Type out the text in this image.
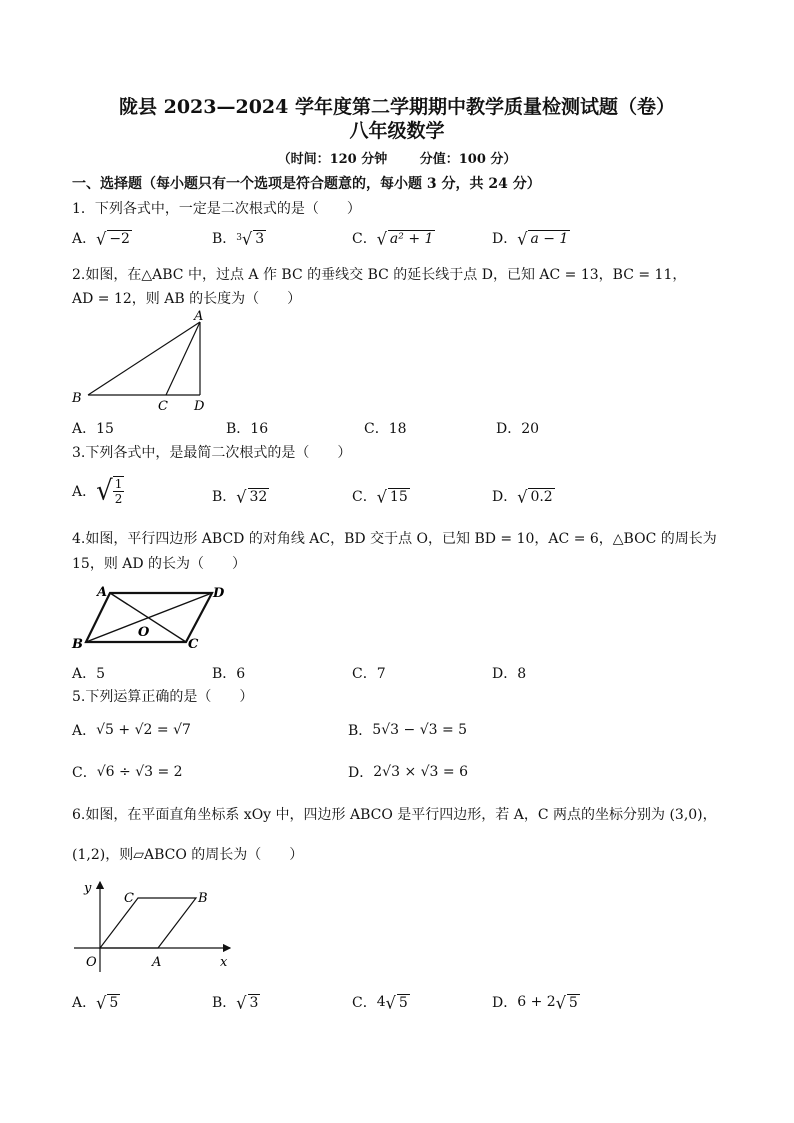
陇县 2023—2024 学年度第二学期期中教学质量检测试题（卷）
八年级数学
（时间：120 分钟	分值：100 分）
一、选择题（每小题只有一个选项是符合题意的，每小题 3 分，共 24 分）
1．下列各式中，一定是二次根式的是（　　）
A． √ −2	B． 3 √ 3	C． √ a² + 1	D． √ a − 1
2.如图，在△ABC 中，过点 A 作 BC 的垂线交 BC 的延长线于点 D，已知 AC = 13，BC = 11，
AD = 12，则 AB 的长度为（　　）
A
B
C D
A．15	B．16	C．18	D．20
3.下列各式中，是最简二次根式的是（　　）
A． √ $\frac{1}{2}$	B． √ 32	C． √ 15	D． √ 0.2
4.如图，平行四边形 ABCD 的对角线 AC，BD 交于点 O，已知 BD = 10，AC = 6，△BOC 的周长为
15，则 AD 的长为（　　）
A	D
B	C
O
A．5	B．6	C．7	D．8
5.下列运算正确的是（　　）
A． √5
+
√2
=
√7	B． 5√3
−
√3
=
5
C． √6
÷
√3
=
2	D． 2√3
×
√3
=
6
6.如图，在平面直角坐标系 xOy 中，四边形 ABCO 是平行四边形，若 A，C 两点的坐标分别为 (3,0)，
(1,2)，则▱ABCO 的周长为（　　）
y
x
O	A
B
C
A． √ 5	B． √ 3	C． 4 √ 5	D． 6 + 2 √ 5
